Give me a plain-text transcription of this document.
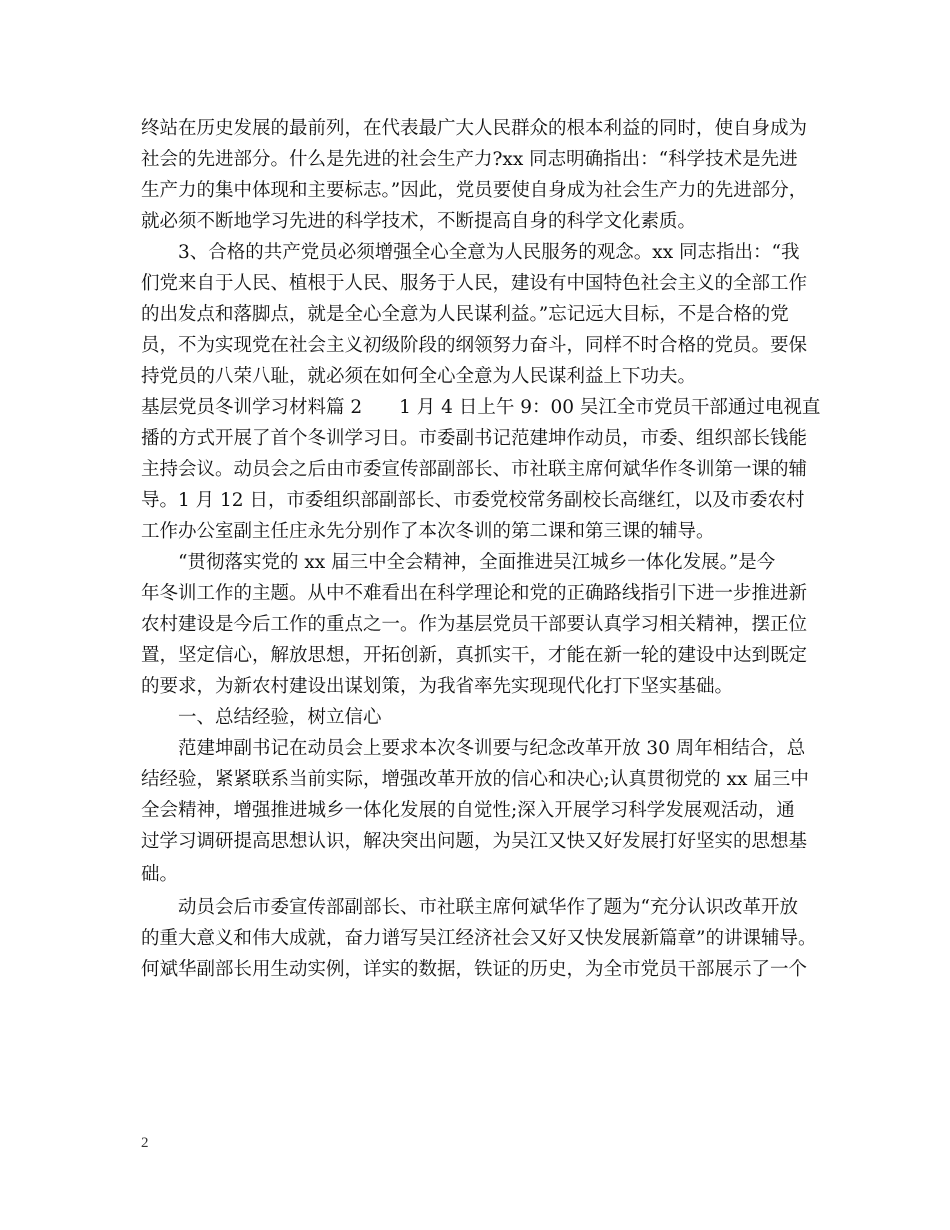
终站在历史发展的最前列，在代表最广大人民群众的根本利益的同时，使自身成为
社会的先进部分。什么是先进的社会生产力?xx 同志明确指出：“科学技术是先进
生产力的集中体现和主要标志。”因此，党员要使自身成为社会生产力的先进部分，
就必须不断地学习先进的科学技术，不断提高自身的科学文化素质。
　　3、合格的共产党员必须增强全心全意为人民服务的观念。xx 同志指出：“我
们党来自于人民、植根于人民、服务于人民，建设有中国特色社会主义的全部工作
的出发点和落脚点，就是全心全意为人民谋利益。”忘记远大目标，不是合格的党
员，不为实现党在社会主义初级阶段的纲领努力奋斗，同样不时合格的党员。要保
持党员的八荣八耻，就必须在如何全心全意为人民谋利益上下功夫。
基层党员冬训学习材料篇 2　　1 月 4 日上午 9：00 吴江全市党员干部通过电视直
播的方式开展了首个冬训学习日。市委副书记范建坤作动员，市委、组织部长钱能
主持会议。动员会之后由市委宣传部副部长、市社联主席何斌华作冬训第一课的辅
导。1 月 12 日，市委组织部副部长、市委党校常务副校长高继红，以及市委农村
工作办公室副主任庄永先分别作了本次冬训的第二课和第三课的辅导。
　　“贯彻落实党的 xx 届三中全会精神，全面推进吴江城乡一体化发展。”是今
年冬训工作的主题。从中不难看出在科学理论和党的正确路线指引下进一步推进新
农村建设是今后工作的重点之一。作为基层党员干部要认真学习相关精神，摆正位
置，坚定信心，解放思想，开拓创新，真抓实干，才能在新一轮的建设中达到既定
的要求，为新农村建设出谋划策，为我省率先实现现代化打下坚实基础。
　　一、总结经验，树立信心
　　范建坤副书记在动员会上要求本次冬训要与纪念改革开放 30 周年相结合，总
结经验，紧紧联系当前实际，增强改革开放的信心和决心;认真贯彻党的 xx 届三中
全会精神，增强推进城乡一体化发展的自觉性;深入开展学习科学发展观活动，通
过学习调研提高思想认识，解决突出问题，为吴江又快又好发展打好坚实的思想基
础。
　　动员会后市委宣传部副部长、市社联主席何斌华作了题为“充分认识改革开放
的重大意义和伟大成就，奋力谱写吴江经济社会又好又快发展新篇章”的讲课辅导。
何斌华副部长用生动实例，详实的数据，铁证的历史，为全市党员干部展示了一个
2
